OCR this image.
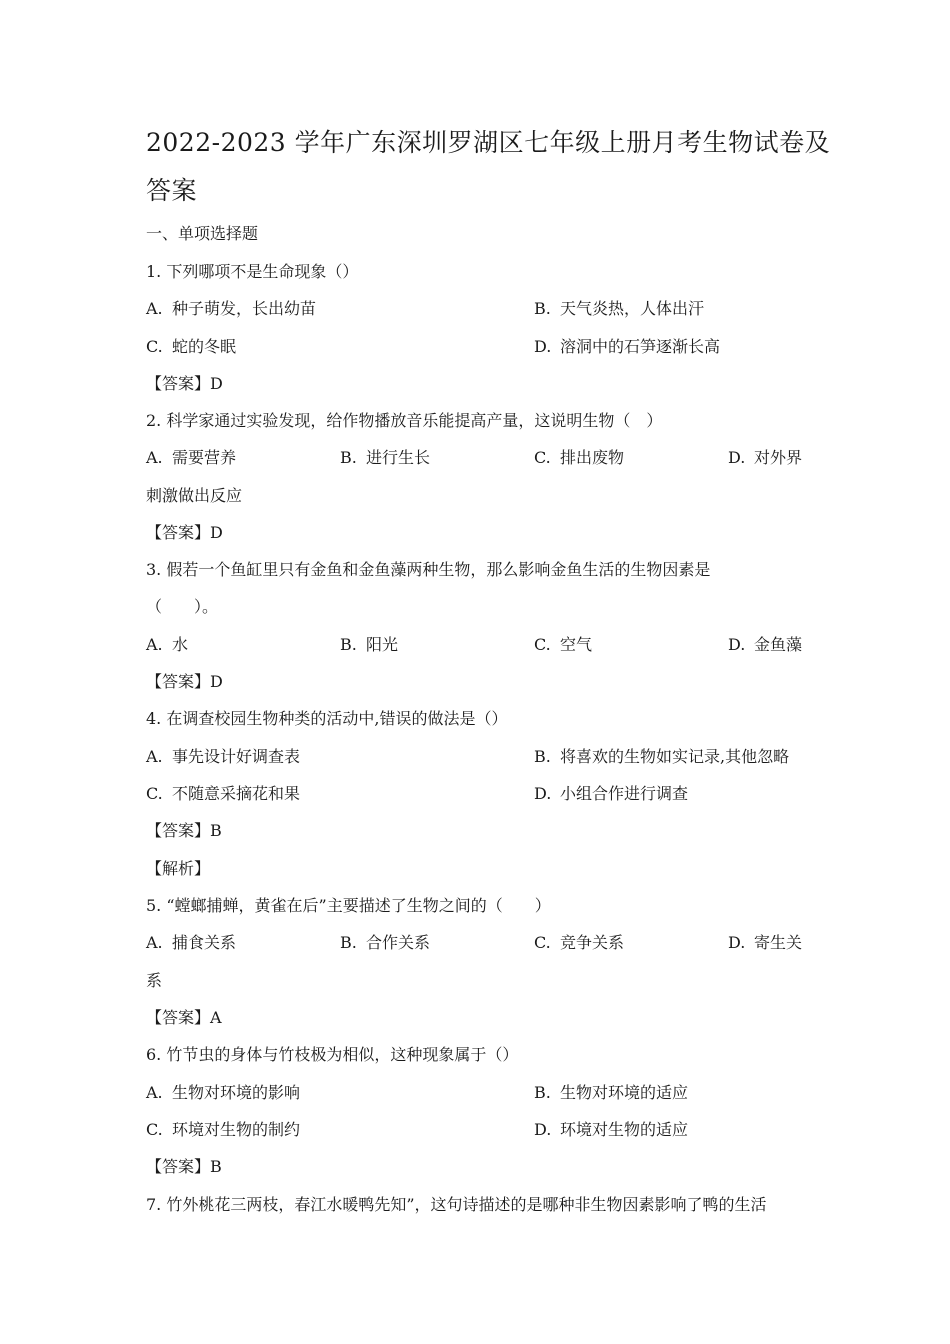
2022-2023 学年广东深圳罗湖区七年级上册月考生物试卷及
答案
一、单项选择题
1. 下列哪项不是生命现象（）
A. 种子萌发，长出幼苗	B. 天气炎热，人体出汗
C. 蛇的冬眠	D. 溶洞中的石笋逐渐长高
【答案】D
2. 科学家通过实验发现，给作物播放音乐能提高产量，这说明生物（　）
A. 需要营养	B. 进行生长	C. 排出废物	D. 对外界
刺激做出反应
【答案】D
3. 假若一个鱼缸里只有金鱼和金鱼藻两种生物，那么影响金鱼生活的生物因素是
（　　）。
A. 水	B. 阳光	C. 空气	D. 金鱼藻
【答案】D
4. 在调查校园生物种类的活动中,错误的做法是（）
A. 事先设计好调查表	B. 将喜欢的生物如实记录,其他忽略
C. 不随意采摘花和果	D. 小组合作进行调查
【答案】B
【解析】
5. “螳螂捕蝉，黄雀在后”主要描述了生物之间的（　　）
A. 捕食关系	B. 合作关系	C. 竞争关系	D. 寄生关
系
【答案】A
6. 竹节虫的身体与竹枝极为相似，这种现象属于（）
A. 生物对环境的影响	B. 生物对环境的适应
C. 环境对生物的制约	D. 环境对生物的适应
【答案】B
7. 竹外桃花三两枝，春江水暖鸭先知”，这句诗描述的是哪种非生物因素影响了鸭的生活
